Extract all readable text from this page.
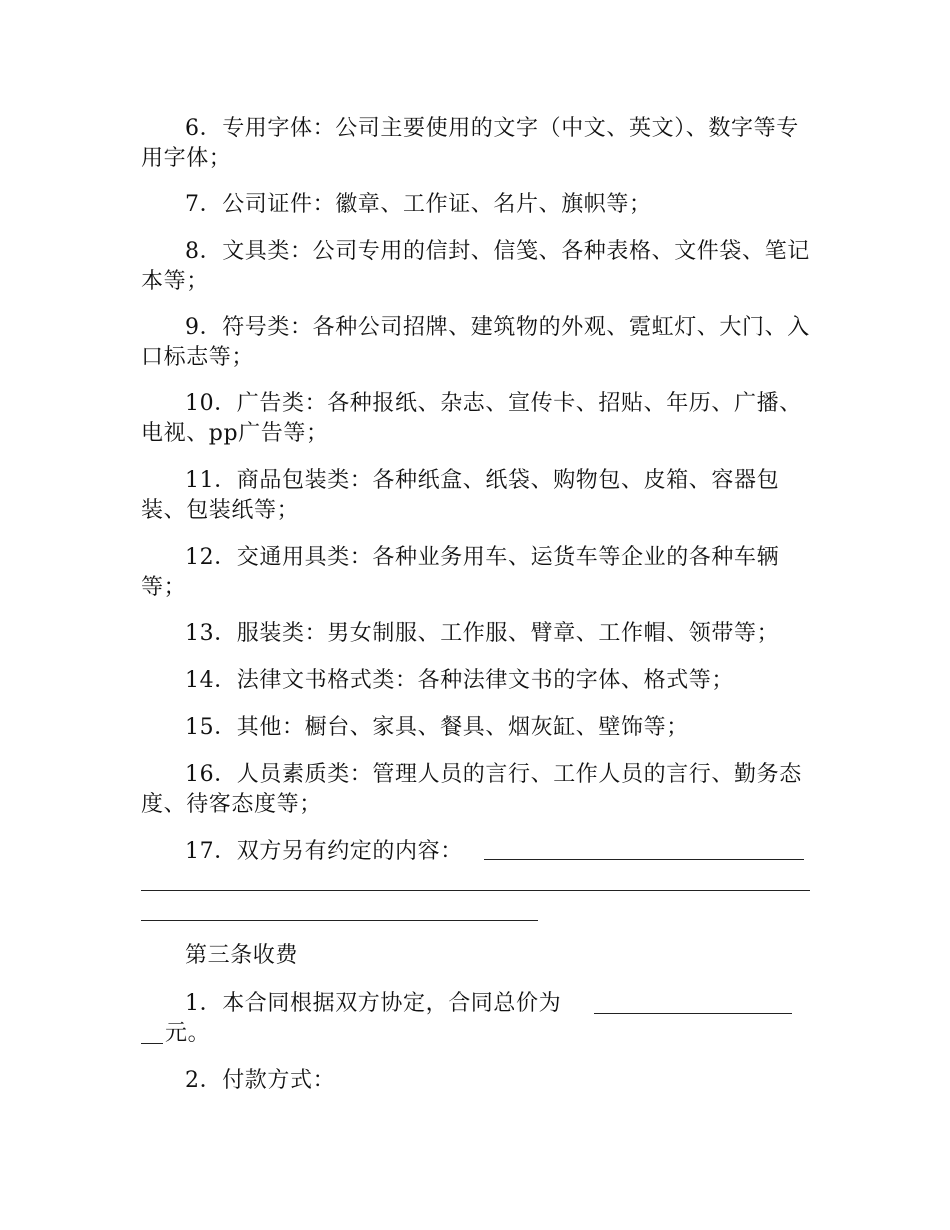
6．专用字体：公司主要使用的文字（中文、英文）、数字等专用字体；

7．公司证件：徽章、工作证、名片、旗帜等；

8．文具类：公司专用的信封、信笺、各种表格、文件袋、笔记本等；

9．符号类：各种公司招牌、建筑物的外观、霓虹灯、大门、入口标志等；

10．广告类：各种报纸、杂志、宣传卡、招贴、年历、广播、电视、pp广告等；

11．商品包装类：各种纸盒、纸袋、购物包、皮箱、容器包装、包装纸等；

12．交通用具类：各种业务用车、运货车等企业的各种车辆等；

13．服装类：男女制服、工作服、臂章、工作帽、领带等；

14．法律文书格式类：各种法律文书的字体、格式等；

15．其他：橱台、家具、餐具、烟灰缸、壁饰等；

16．人员素质类：管理人员的言行、工作人员的言行、勤务态度、待客态度等；

17．双方另有约定的内容：

第三条收费

1．本合同根据双方协定，合同总价为

元。

2．付款方式：
